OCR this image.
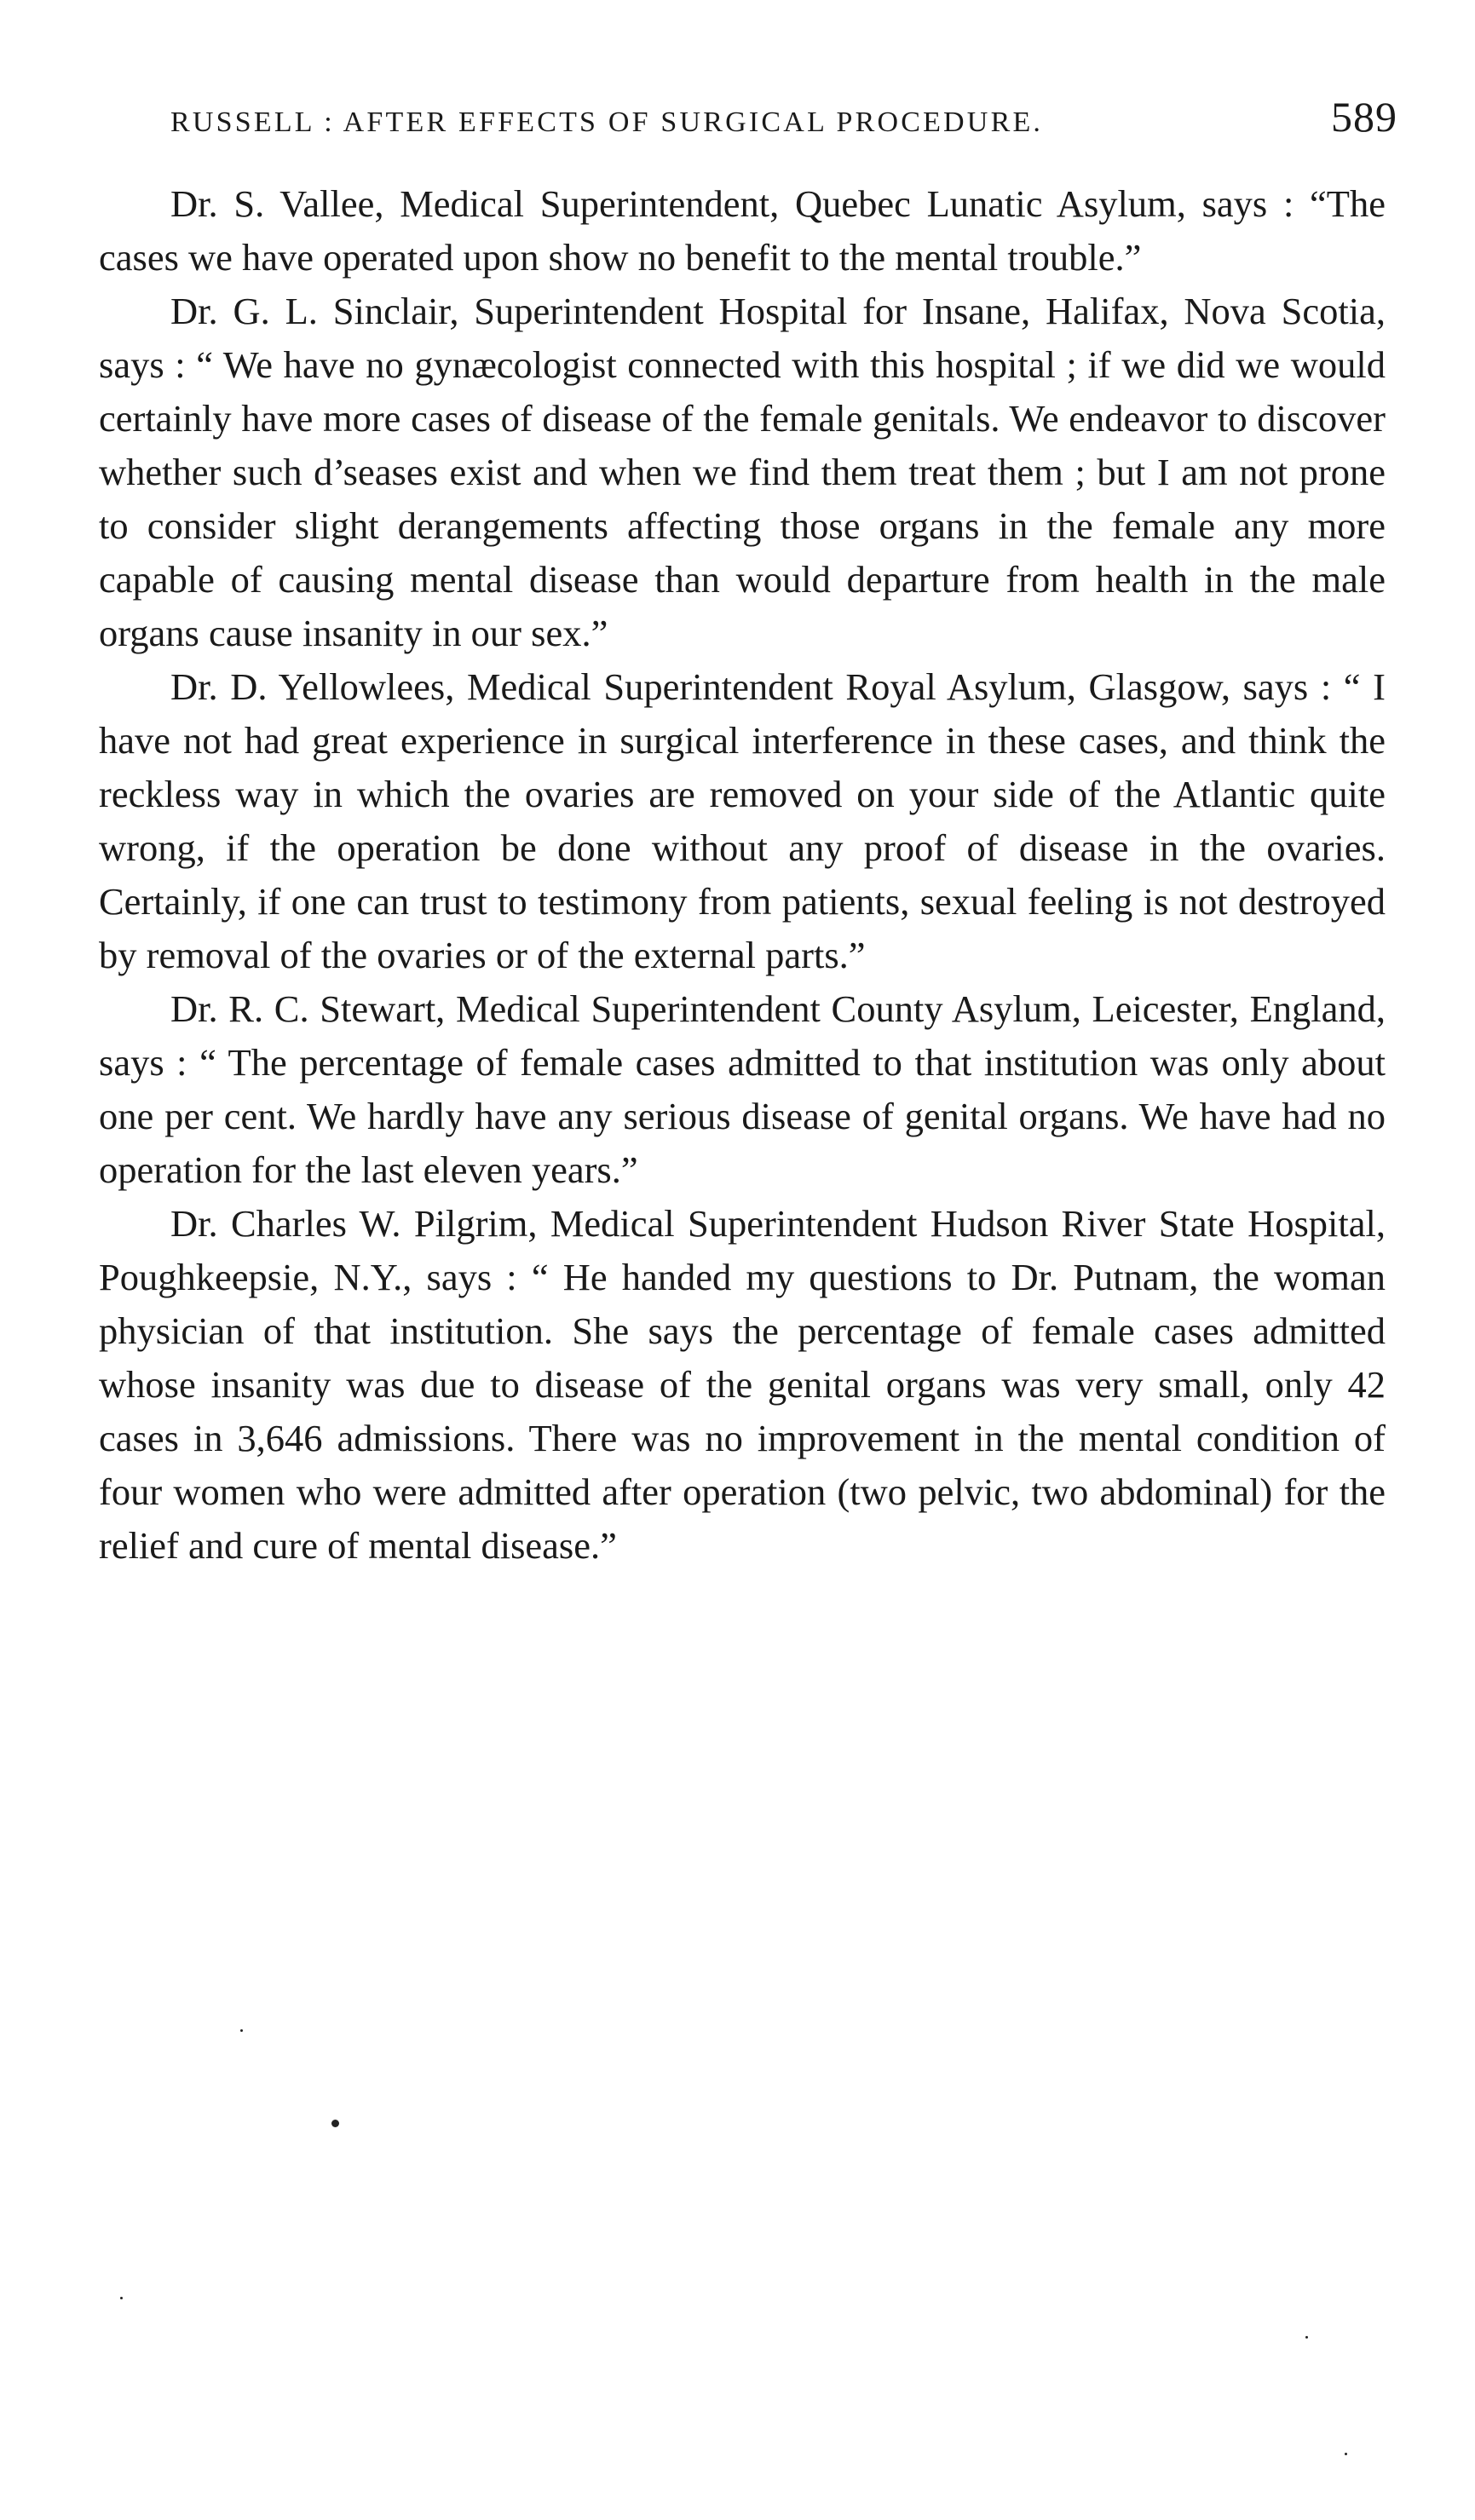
RUSSELL : AFTER EFFECTS OF SURGICAL PROCEDURE.	589

Dr. S. Vallee, Medical Superintendent, Quebec Lunatic Asylum, says : “The cases we have operated upon show no benefit to the mental trouble.”

Dr. G. L. Sinclair, Superintendent Hospital for Insane, Halifax, Nova Scotia, says : “ We have no gynæcologist connected with this hospital ; if we did we would certainly have more cases of disease of the female genitals. We endeavor to discover whether such d’seases exist and when we find them treat them ; but I am not prone to consider slight derangements affecting those organs in the female any more capable of causing mental disease than would departure from health in the male organs cause insanity in our sex.”

Dr. D. Yellowlees, Medical Superintendent Royal Asylum, Glasgow, says : “ I have not had great experience in surgical interference in these cases, and think the reckless way in which the ovaries are removed on your side of the Atlantic quite wrong, if the operation be done without any proof of disease in the ovaries. Certainly, if one can trust to testimony from patients, sexual feeling is not destroyed by removal of the ovaries or of the external parts.”

Dr. R. C. Stewart, Medical Superintendent County Asylum, Leicester, England, says : “ The percentage of female cases admitted to that institution was only about one per cent. We hardly have any serious disease of genital organs. We have had no operation for the last eleven years.”

Dr. Charles W. Pilgrim, Medical Superintendent Hudson River State Hospital, Poughkeepsie, N.Y., says : “ He handed my questions to Dr. Putnam, the woman physician of that institution. She says the percentage of female cases admitted whose insanity was due to disease of the genital organs was very small, only 42 cases in 3,646 admissions. There was no improvement in the mental condition of four women who were admitted after operation (two pelvic, two abdominal) for the relief and cure of mental disease.”
